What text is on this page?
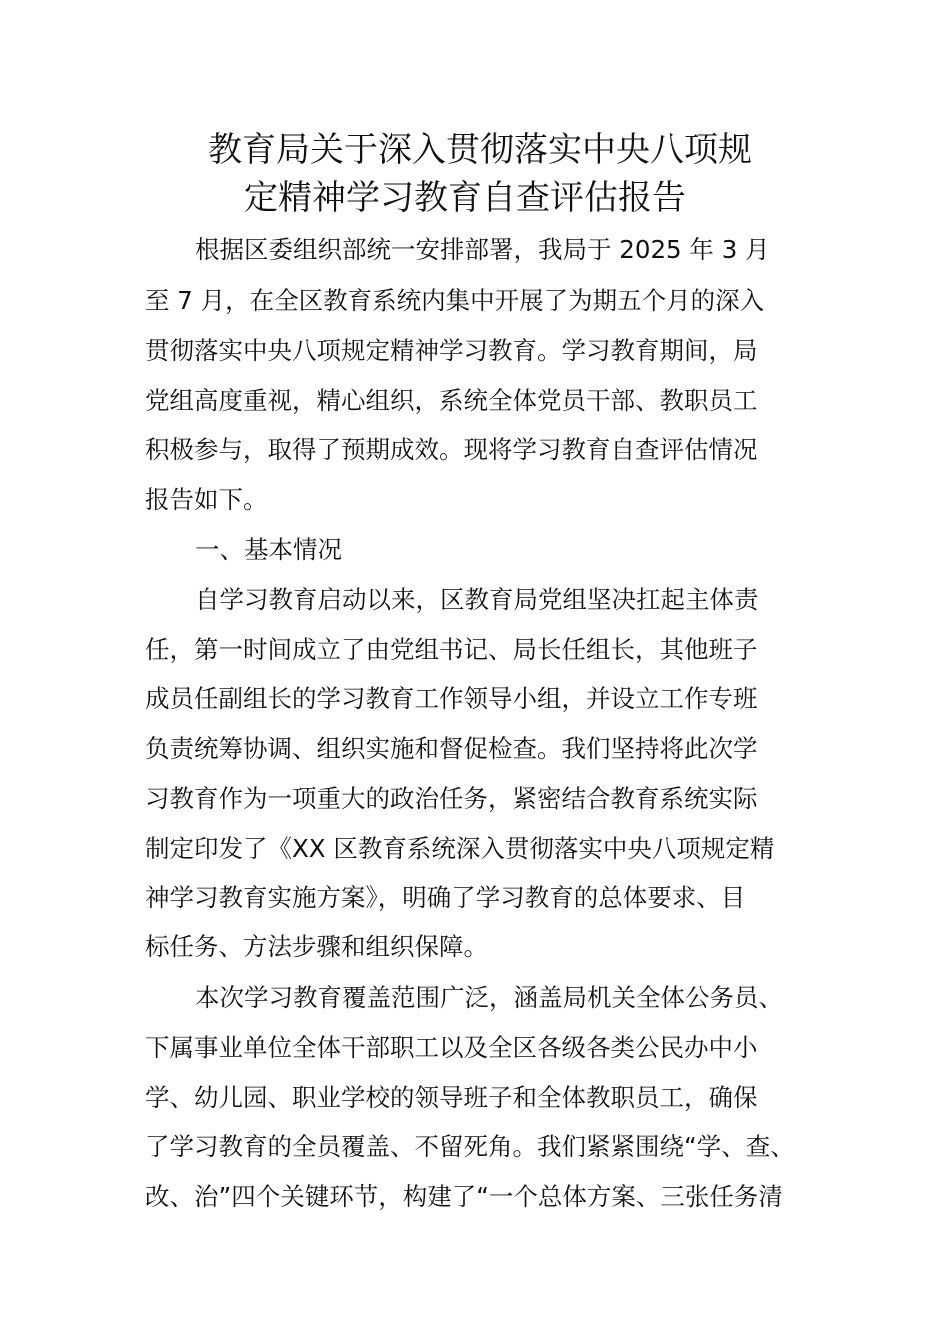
教育局关于深入贯彻落实中央八项规
定精神学习教育自查评估报告

根据区委组织部统一安排部署，我局于 2025 年 3 月

至 7 月，在全区教育系统内集中开展了为期五个月的深入

贯彻落实中央八项规定精神学习教育。学习教育期间，局

党组高度重视，精心组织，系统全体党员干部、教职员工

积极参与，取得了预期成效。现将学习教育自查评估情况

报告如下。

一、基本情况

自学习教育启动以来，区教育局党组坚决扛起主体责

任，第一时间成立了由党组书记、局长任组长，其他班子

成员任副组长的学习教育工作领导小组，并设立工作专班

负责统筹协调、组织实施和督促检查。我们坚持将此次学

习教育作为一项重大的政治任务，紧密结合教育系统实际

制定印发了《XX 区教育系统深入贯彻落实中央八项规定精

神学习教育实施方案》，明确了学习教育的总体要求、目

标任务、方法步骤和组织保障。

本次学习教育覆盖范围广泛，涵盖局机关全体公务员、

下属事业单位全体干部职工以及全区各级各类公民办中小

学、幼儿园、职业学校的领导班子和全体教职员工，确保

了学习教育的全员覆盖、不留死角。我们紧紧围绕“学、查、

改、治”四个关键环节，构建了“一个总体方案、三张任务清
